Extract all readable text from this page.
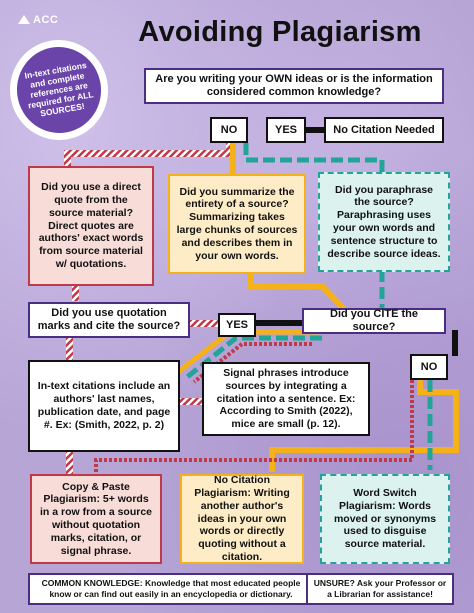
ACC	Avoiding Plagiarism
In-text citations and complete references are required for ALL SOURCES!
Are you writing your OWN ideas or is the information considered common knowledge?
NO	YES	No Citation Needed
Did you use a direct quote from the source material? Direct quotes are authors' exact words from source material w/ quotations.
Did you summarize the entirety of a source? Summarizing takes large chunks of sources and describes them in your own words.
Did you paraphrase the source? Paraphrasing uses your own words and sentence structure to describe source ideas.
Did you use quotation marks and cite the source?	YES
Did you CITE the source?
NO
In-text citations include an authors' last names, publication date, and page #. Ex: (Smith, 2022, p. 2)
Signal phrases introduce sources by integrating a citation into a sentence. Ex: According to Smith (2022), mice are small (p. 12).
Copy & Paste Plagiarism: 5+ words in a row from a source without quotation marks, citation, or signal phrase.
No Citation Plagiarism: Writing another author's ideas in your own words or directly quoting without a citation.
Word Switch Plagiarism: Words moved or synonyms used to disguise source material.
COMMON KNOWLEDGE: Knowledge that most educated people know or can find out easily in an encyclopedia or dictionary.
UNSURE? Ask your Professor or a Librarian for assistance!
